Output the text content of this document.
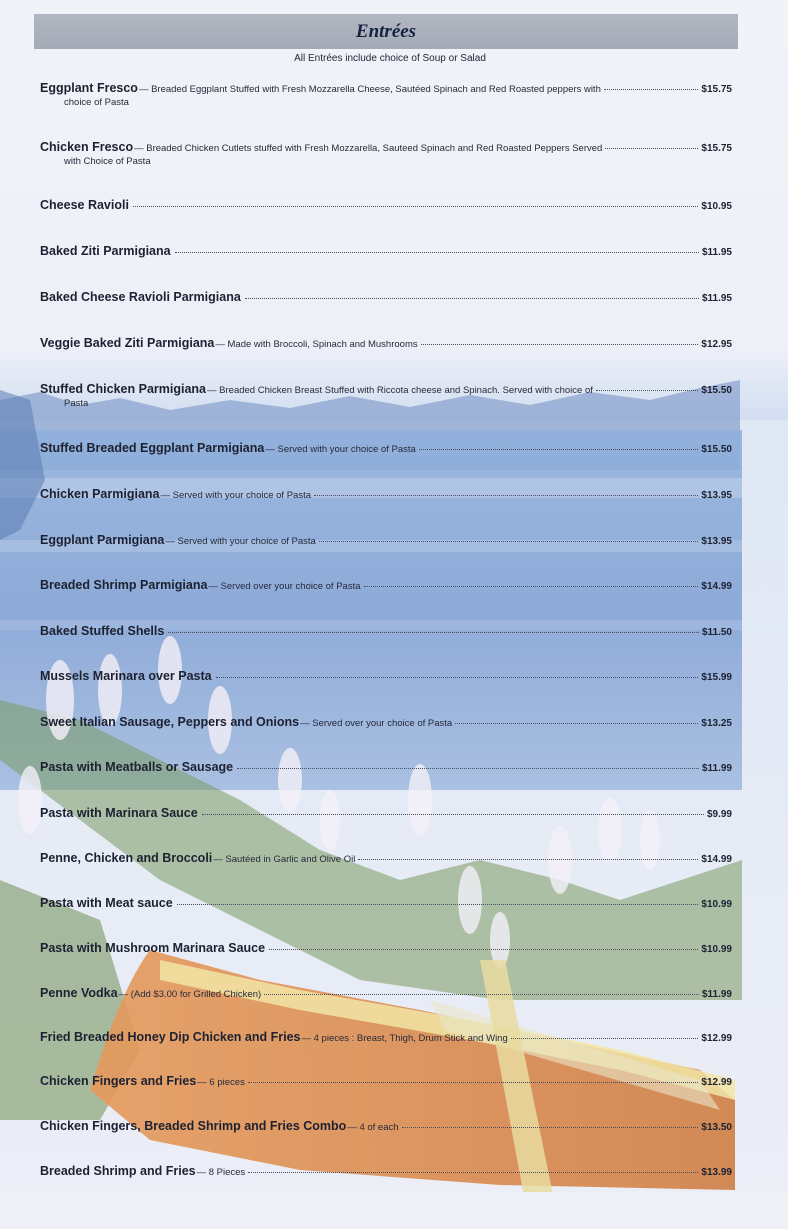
Entrées
All Entrées include choice of Soup or Salad
Eggplant Fresco — Breaded Eggplant Stuffed with Fresh Mozzarella Cheese, Sautéed Spinach and Red Roasted peppers with	$15.75
choice of Pasta
Chicken Fresco — Breaded Chicken Cutlets stuffed with Fresh Mozzarella, Sauteed Spinach and Red Roasted Peppers Served	$15.75
with Choice of Pasta
Cheese Ravioli	$10.95
Baked Ziti Parmigiana	$11.95
Baked Cheese Ravioli Parmigiana	$11.95
Veggie Baked Ziti Parmigiana — Made with Broccoli, Spinach and Mushrooms	$12.95
Stuffed Chicken Parmigiana — Breaded Chicken Breast Stuffed with Riccota cheese and Spinach. Served with choice of	$15.50
Pasta
Stuffed Breaded Eggplant Parmigiana — Served with your choice of Pasta	$15.50
Chicken Parmigiana — Served with your choice of Pasta	$13.95
Eggplant Parmigiana — Served with your choice of Pasta	$13.95
Breaded Shrimp Parmigiana — Served over your choice of Pasta	$14.99
Baked Stuffed Shells	$11.50
Mussels Marinara over Pasta	$15.99
Sweet Italian Sausage, Peppers and Onions — Served over your choice of Pasta	$13.25
Pasta with Meatballs or Sausage	$11.99
Pasta with Marinara Sauce	$9.99
Penne, Chicken and Broccoli — Sautéed in Garlic and Olive Oil	$14.99
Pasta with Meat sauce	$10.99
Pasta with Mushroom Marinara Sauce	$10.99
Penne Vodka — (Add $3.00 for Grilled Chicken)	$11.99
Fried Breaded Honey Dip Chicken and Fries — 4 pieces : Breast, Thigh, Drum Stick and Wing	$12.99
Chicken Fingers and Fries — 6 pieces	$12.99
Chicken Fingers, Breaded Shrimp and Fries Combo — 4 of each	$13.50
Breaded Shrimp and Fries — 8 Pieces	$13.99
